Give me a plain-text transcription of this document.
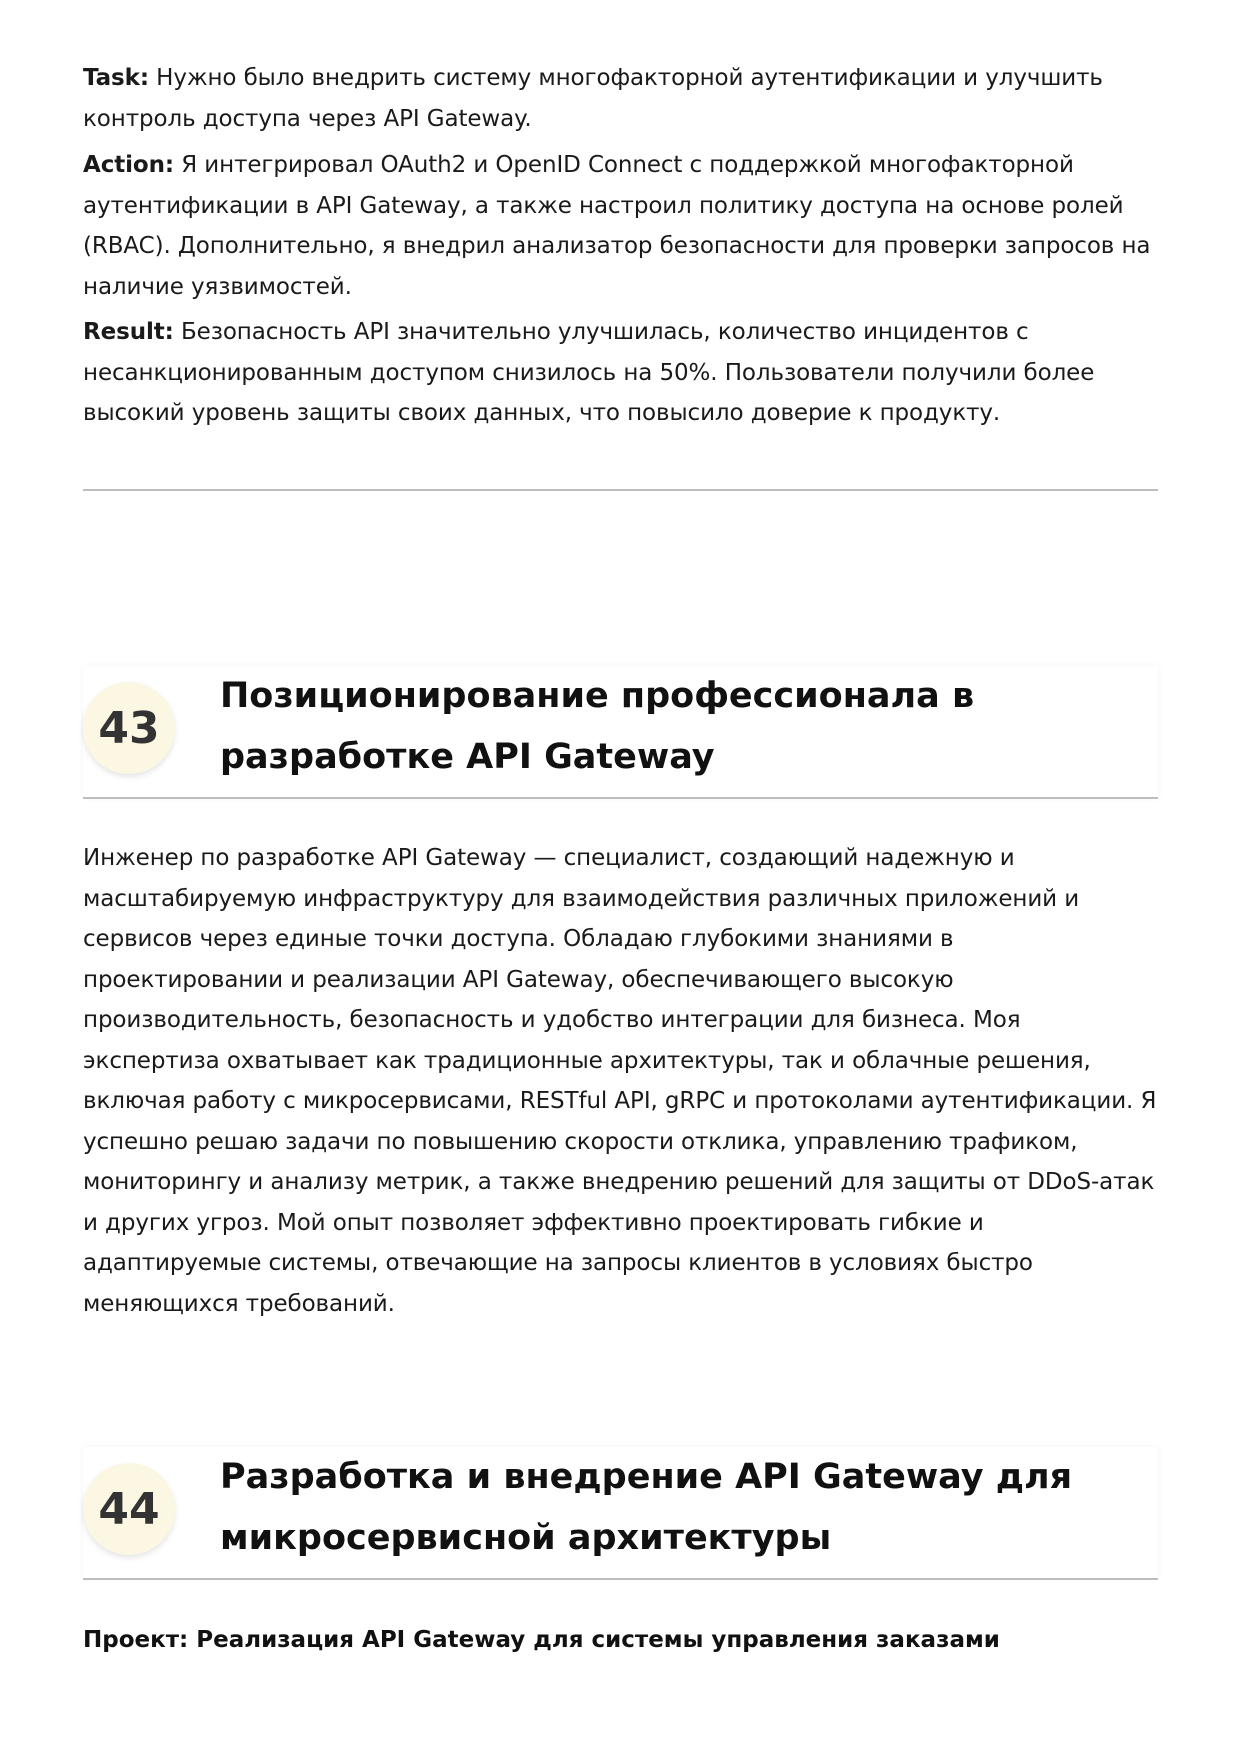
Task: Нужно было внедрить систему многофакторной аутентификации и улучшить контроль доступа через API Gateway.

Action: Я интегрировал OAuth2 и OpenID Connect с поддержкой многофакторной аутентификации в API Gateway, а также настроил политику доступа на основе ролей (RBAC). Дополнительно, я внедрил анализатор безопасности для проверки запросов на наличие уязвимостей.

Result: Безопасность API значительно улучшилась, количество инцидентов с несанкционированным доступом снизилось на 50%. Пользователи получили более высокий уровень защиты своих данных, что повысило доверие к продукту.

43
Позиционирование профессионала в разработке API Gateway

Инженер по разработке API Gateway — специалист, создающий надежную и масштабируемую инфраструктуру для взаимодействия различных приложений и сервисов через единые точки доступа. Обладаю глубокими знаниями в проектировании и реализации API Gateway, обеспечивающего высокую производительность, безопасность и удобство интеграции для бизнеса. Моя экспертиза охватывает как традиционные архитектуры, так и облачные решения, включая работу с микросервисами, RESTful API, gRPC и протоколами аутентификации. Я успешно решаю задачи по повышению скорости отклика, управлению трафиком, мониторингу и анализу метрик, а также внедрению решений для защиты от DDoS-атак и других угроз. Мой опыт позволяет эффективно проектировать гибкие и адаптируемые системы, отвечающие на запросы клиентов в условиях быстро меняющихся требований.

44
Разработка и внедрение API Gateway для микросервисной архитектуры

Проект: Реализация API Gateway для системы управления заказами
